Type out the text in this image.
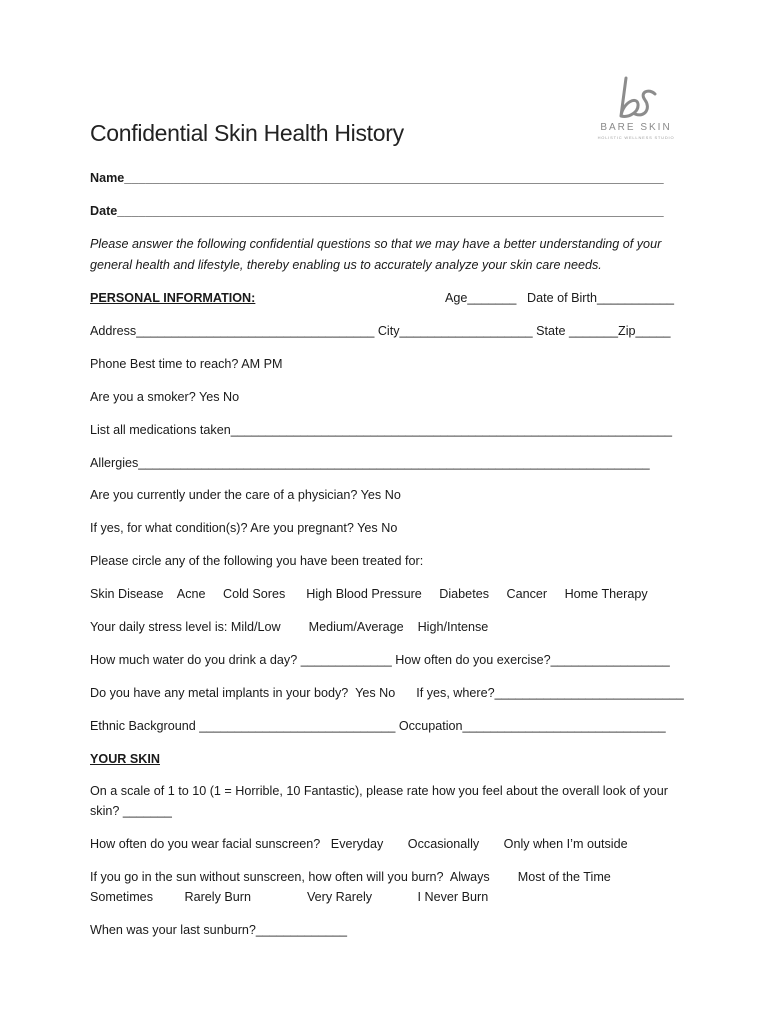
BARE SKIN
HOLISTIC WELLNESS STUDIO
Confidential Skin Health History
Name_____________________________________________________________________________
Date______________________________________________________________________________
Please answer the following confidential questions so that we may have a better understanding of your
general health and lifestyle, thereby enabling us to accurately analyze your skin care needs.
PERSONAL INFORMATION:	Age_______ Date of Birth___________
Address__________________________________ City___________________ State _______Zip_____
Phone Best time to reach? AM PM
Are you a smoker? Yes No
List all medications taken_______________________________________________________________
Allergies_________________________________________________________________________
Are you currently under the care of a physician? Yes No
If yes, for what condition(s)? Are you pregnant? Yes No
Please circle any of the following you have been treated for:
Skin Disease    Acne     Cold Sores      High Blood Pressure     Diabetes     Cancer     Home Therapy
Your daily stress level is: Mild/Low        Medium/Average    High/Intense
How much water do you drink a day? _____________ How often do you exercise?_________________
Do you have any metal implants in your body?  Yes No      If yes, where?___________________________
Ethnic Background ____________________________ Occupation_____________________________
YOUR SKIN
On a scale of 1 to 10 (1 = Horrible, 10 Fantastic), please rate how you feel about the overall look of your
skin? _______
How often do you wear facial sunscreen?   Everyday       Occasionally       Only when I’m outside
If you go in the sun without sunscreen, how often will you burn?  Always        Most of the Time
Sometimes         Rarely Burn                Very Rarely             I Never Burn
When was your last sunburn?_____________
